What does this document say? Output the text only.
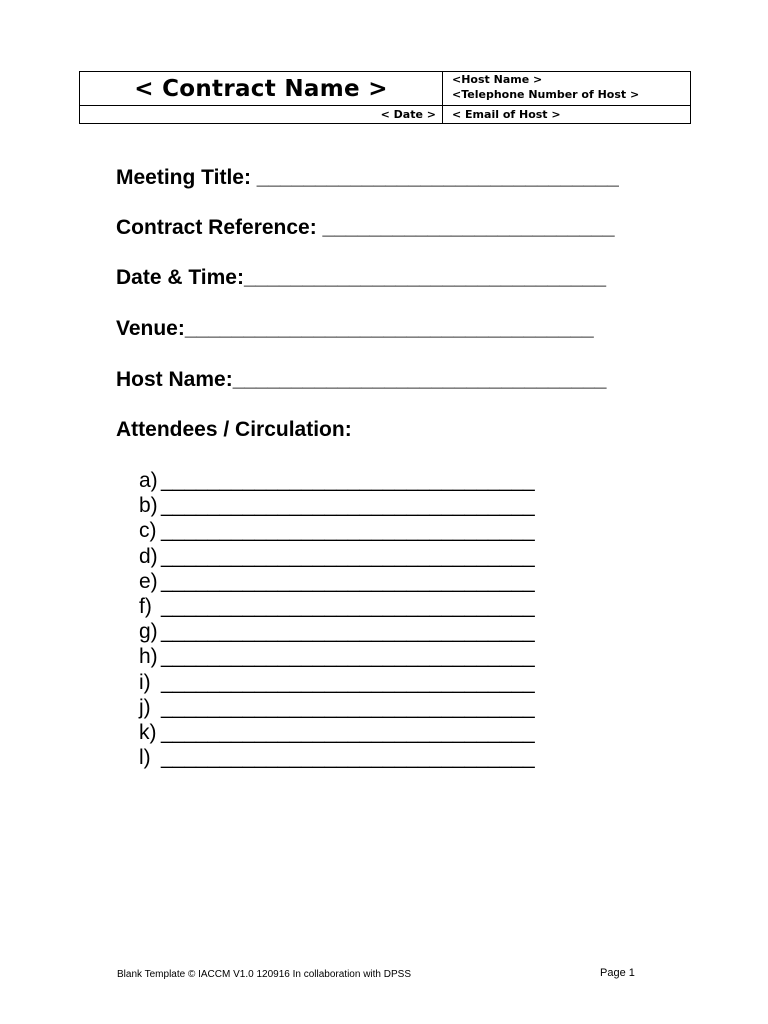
< Contract Name >	<Host Name >
<Telephone Number of Host >
< Date > < Email of Host >
Meeting Title: _______________________________
Contract Reference: _________________________
Date & Time:_______________________________
Venue:___________________________________
Host Name:________________________________
Attendees / Circulation:
a) ________________________________
b) ________________________________
c) ________________________________
d) ________________________________
e) ________________________________
f) ________________________________
g) ________________________________
h) ________________________________
i) ________________________________
j) ________________________________
k) ________________________________
l) ________________________________
Blank Template © IACCM V1.0 120916 In collaboration with DPSS	Page 1
